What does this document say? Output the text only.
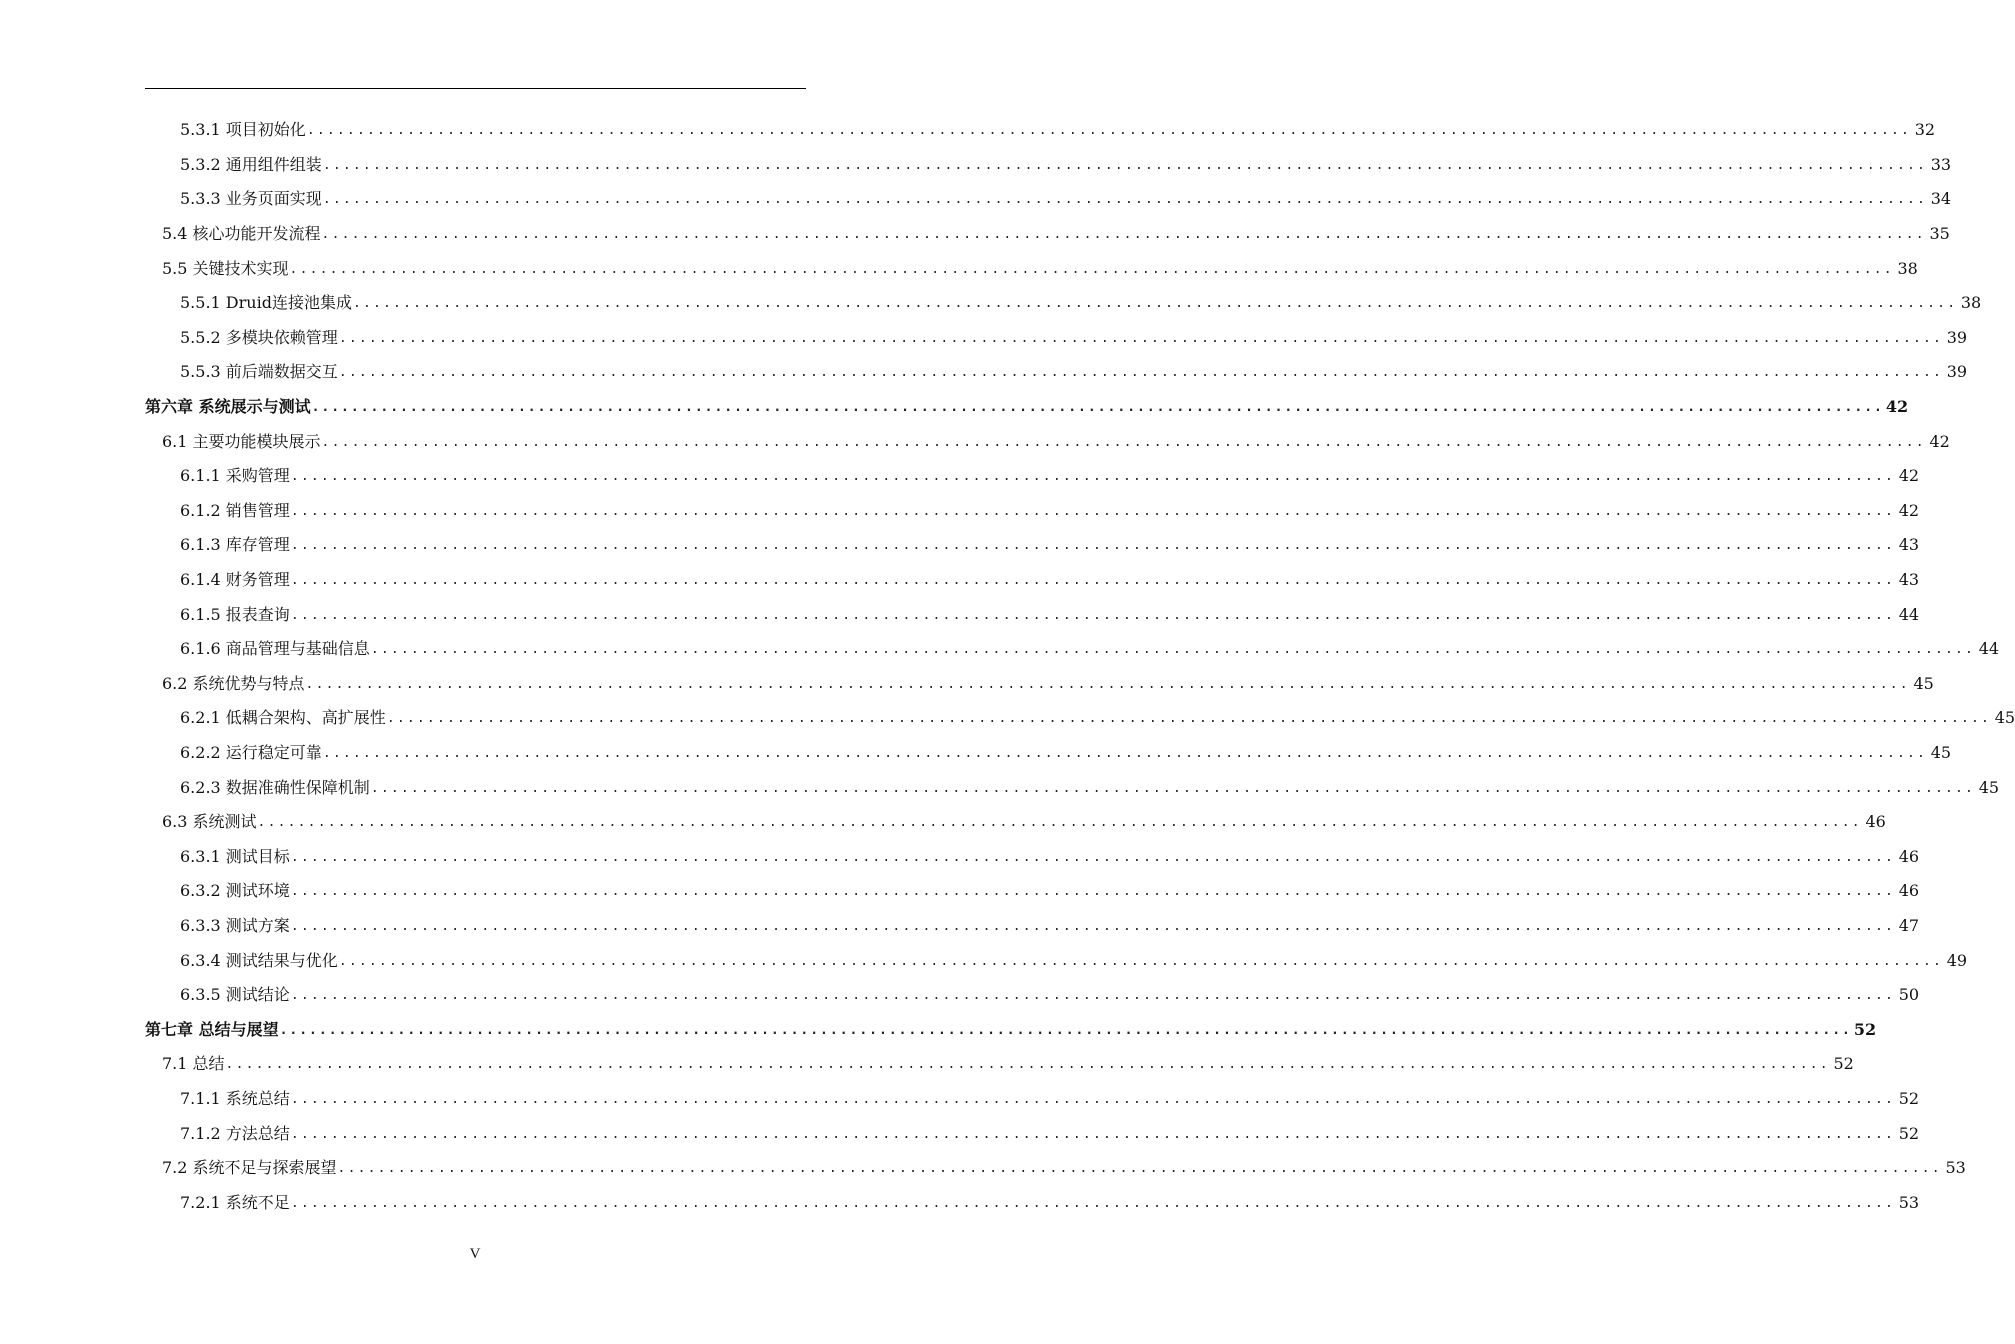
5.3.1 项目初始化 ................................................................................................................................................................ 32
5.3.2 通用组件组装 ................................................................................................................................................................ 33
5.3.3 业务页面实现 ................................................................................................................................................................ 34
5.4 核心功能开发流程 ................................................................................................................................................................ 35
5.5 关键技术实现 ................................................................................................................................................................ 38
5.5.1 Druid连接池集成 ................................................................................................................................................................ 38
5.5.2 多模块依赖管理 ................................................................................................................................................................ 39
5.5.3 前后端数据交互 ................................................................................................................................................................ 39
第六章 系统展示与测试 ................................................................................................................................................................ 42
6.1 主要功能模块展示 ................................................................................................................................................................ 42
6.1.1 采购管理 ................................................................................................................................................................ 42
6.1.2 销售管理 ................................................................................................................................................................ 42
6.1.3 库存管理 ................................................................................................................................................................ 43
6.1.4 财务管理 ................................................................................................................................................................ 43
6.1.5 报表查询 ................................................................................................................................................................ 44
6.1.6 商品管理与基础信息 ................................................................................................................................................................ 44
6.2 系统优势与特点 ................................................................................................................................................................ 45
6.2.1 低耦合架构、高扩展性 ................................................................................................................................................................ 45
6.2.2 运行稳定可靠 ................................................................................................................................................................ 45
6.2.3 数据准确性保障机制 ................................................................................................................................................................ 45
6.3 系统测试 ................................................................................................................................................................ 46
6.3.1 测试目标 ................................................................................................................................................................ 46
6.3.2 测试环境 ................................................................................................................................................................ 46
6.3.3 测试方案 ................................................................................................................................................................ 47
6.3.4 测试结果与优化 ................................................................................................................................................................ 49
6.3.5 测试结论 ................................................................................................................................................................ 50
第七章 总结与展望 ................................................................................................................................................................ 52
7.1 总结 ................................................................................................................................................................ 52
7.1.1 系统总结 ................................................................................................................................................................ 52
7.1.2 方法总结 ................................................................................................................................................................ 52
7.2 系统不足与探索展望 ................................................................................................................................................................ 53
7.2.1 系统不足 ................................................................................................................................................................ 53
V
